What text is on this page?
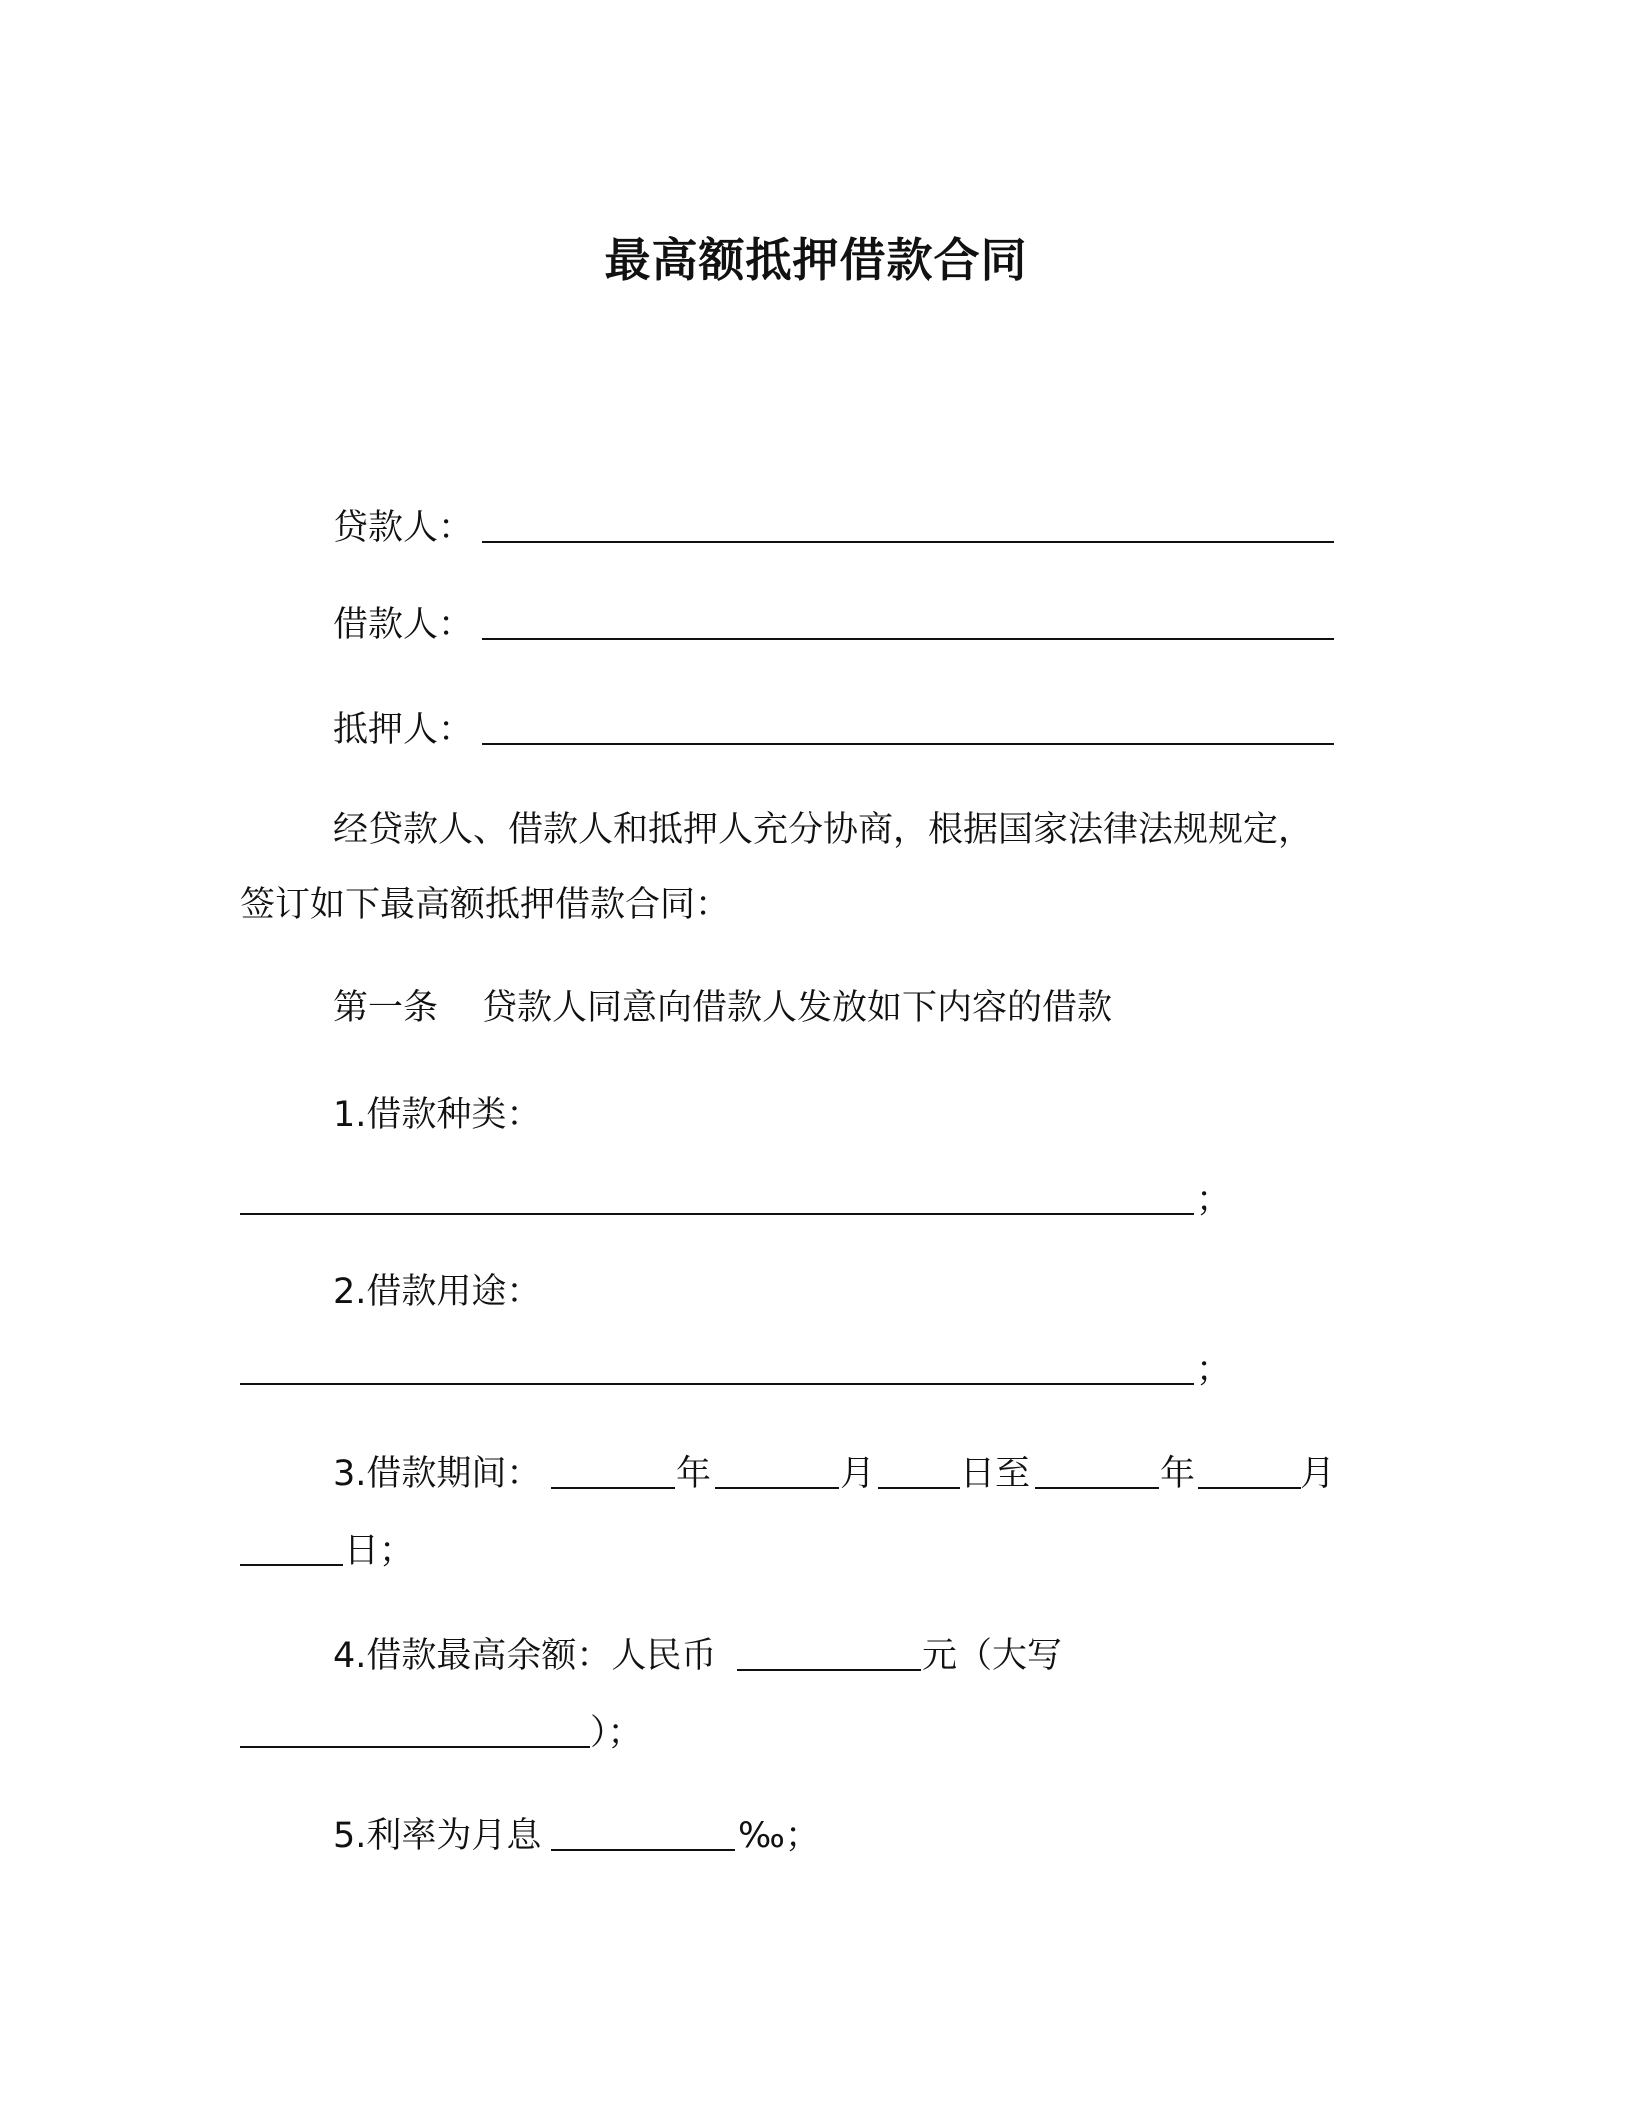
最高额抵押借款合同
贷款人：
借款人：
抵押人：
经贷款人、借款人和抵押人充分协商，根据国家法律法规规定，
签订如下最高额抵押借款合同：
第一条 贷款人同意向借款人发放如下内容的借款
1.借款种类：
；
2.借款用途：
；
3.借款期间：	年	月 日至	年	月
日；
4.借款最高余额：人民币	元（大写
）；
5.利率为月息	‰；
